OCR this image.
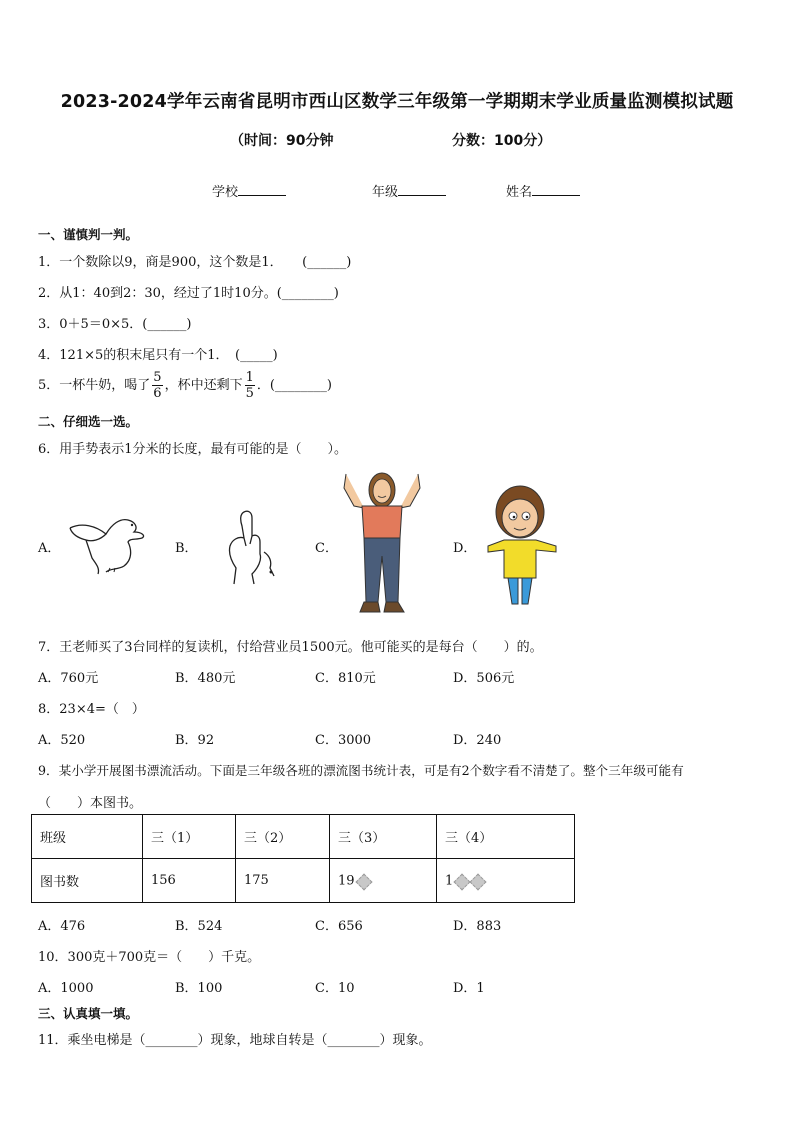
2023-2024学年云南省昆明市西山区数学三年级第一学期期末学业质量监测模拟试题
（时间：90分钟	分数：100分）
学校	年级	姓名
一、谨慎判一判。
1．一个数除以9，商是900，这个数是1．　　(______)
2．从1：40到2：30，经过了1时10分。(________)
3．0＋5＝0×5．(______)
4．121×5的积末尾只有一个1．　(_____)
5．一杯牛奶，喝了 $\frac{5}{6}$ ，杯中还剩下 $\frac{1}{5}$ ．(________)
二、仔细选一选。
6．用手势表示1分米的长度，最有可能的是（　　）。
A．	B．	C．	D．
7．王老师买了3台同样的复读机，付给营业员1500元。他可能买的是每台（　　）的。
A．760元	B．480元	C．810元	D．506元
8．23×4=（　）
A．520	B．92	C．3000	D．240
9．某小学开展图书漂流活动。下面是三年级各班的漂流图书统计表，可是有2个数字看不清楚了。整个三年级可能有
（　　）本图书。
班级	三（1）	三（2）	三（3）	三（4）
图书数	156	175	19	1
A．476	B．524	C．656	D．883
10．300克＋700克＝（　　）千克。
A．1000	B．100	C．10	D．1
三、认真填一填。
11．乘坐电梯是（________）现象，地球自转是（________）现象。
